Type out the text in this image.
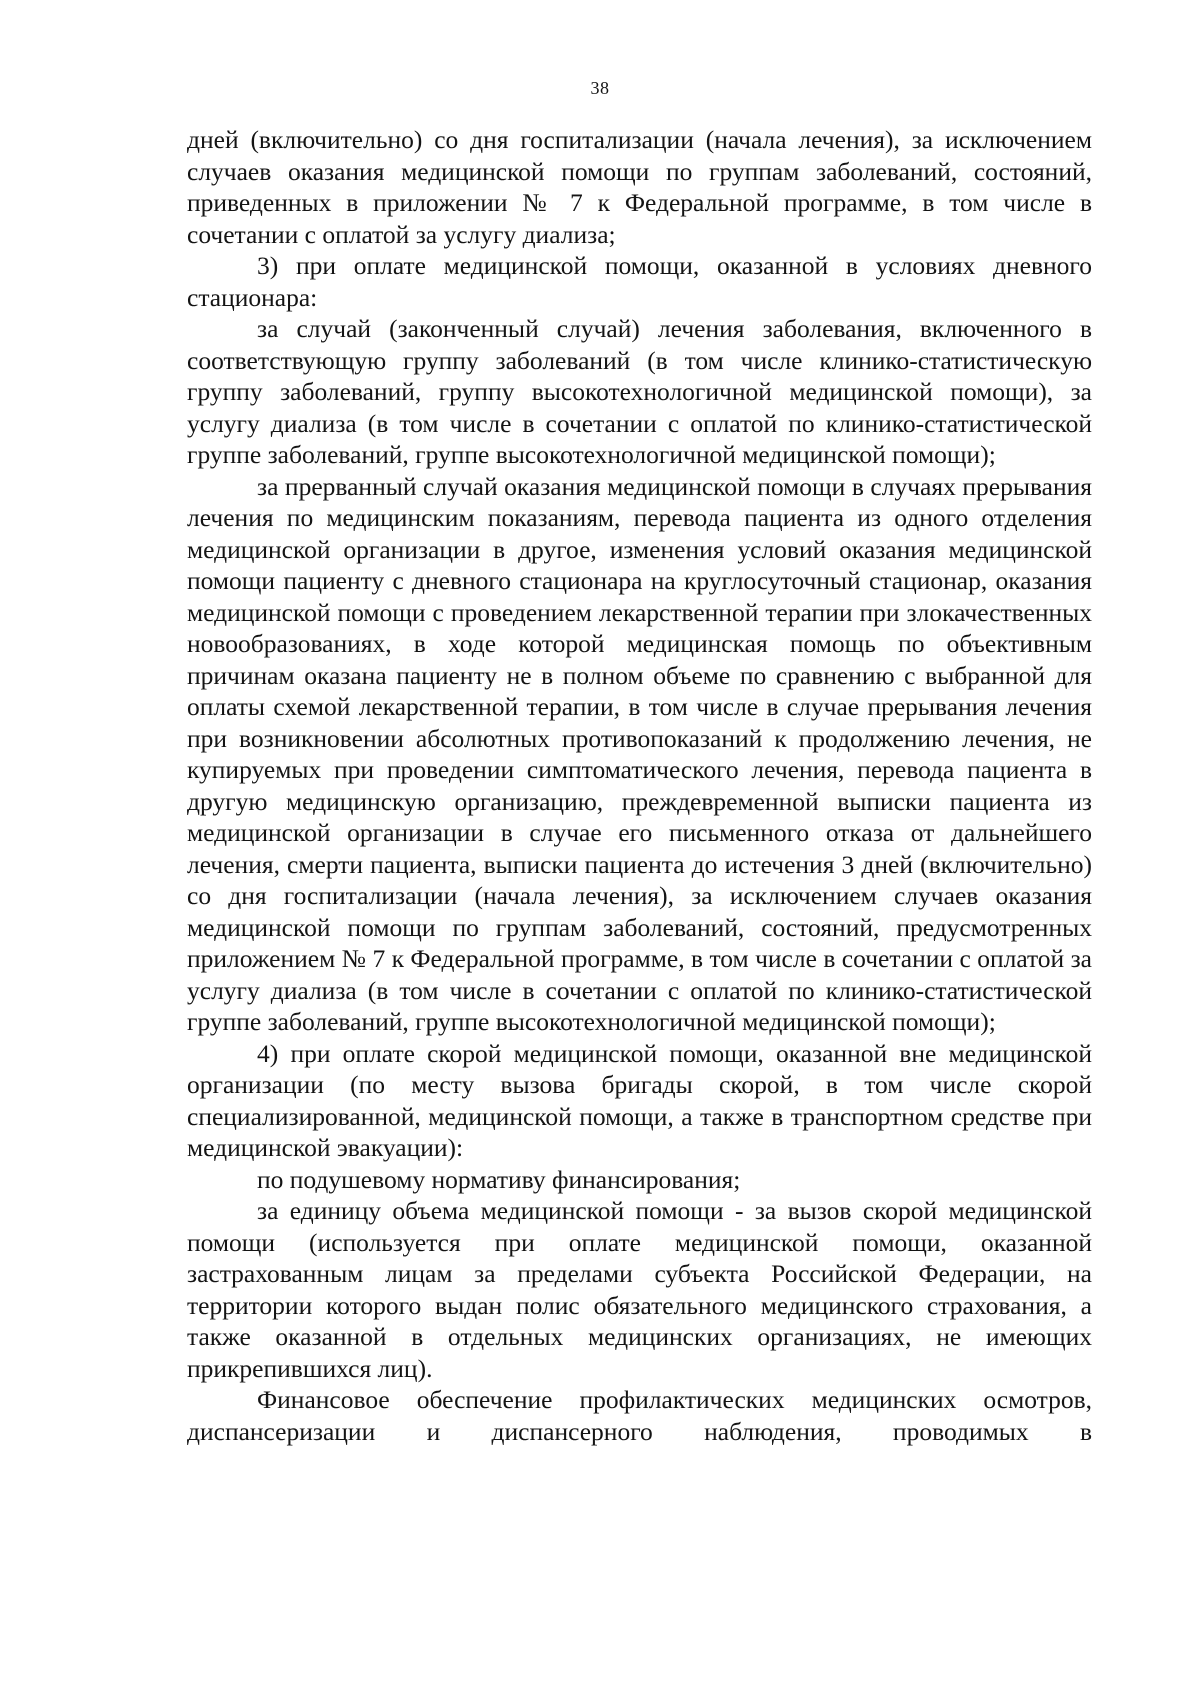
38

дней (включительно) со дня госпитализации (начала лечения), за исключением случаев оказания медицинской помощи по группам заболеваний, состояний, приведенных в приложении № 7 к Федеральной программе, в том числе в сочетании с оплатой за услугу диализа;

3) при оплате медицинской помощи, оказанной в условиях дневного стационара:

за случай (законченный случай) лечения заболевания, включенного в соответствующую группу заболеваний (в том числе клинико-статистическую группу заболеваний, группу высокотехнологичной медицинской помощи), за услугу диализа (в том числе в сочетании с оплатой по клинико-статистической группе заболеваний, группе высокотехнологичной медицинской помощи);

за прерванный случай оказания медицинской помощи в случаях прерывания лечения по медицинским показаниям, перевода пациента из одного отделения медицинской организации в другое, изменения условий оказания медицинской помощи пациенту с дневного стационара на круглосуточный стационар, оказания медицинской помощи с проведением лекарственной терапии при злокачественных новообразованиях, в ходе которой медицинская помощь по объективным причинам оказана пациенту не в полном объеме по сравнению с выбранной для оплаты схемой лекарственной терапии, в том числе в случае прерывания лечения при возникновении абсолютных противопоказаний к продолжению лечения, не купируемых при проведении симптоматического лечения, перевода пациента в другую медицинскую организацию, преждевременной выписки пациента из медицинской организации в случае его письменного отказа от дальнейшего лечения, смерти пациента, выписки пациента до истечения 3 дней (включительно) со дня госпитализации (начала лечения), за исключением случаев оказания медицинской помощи по группам заболеваний, состояний, предусмотренных приложением № 7 к Федеральной программе, в том числе в сочетании с оплатой за услугу диализа (в том числе в сочетании с оплатой по клинико-статистической группе заболеваний, группе высокотехнологичной медицинской помощи);

4) при оплате скорой медицинской помощи, оказанной вне медицинской организации (по месту вызова бригады скорой, в том числе скорой специализированной, медицинской помощи, а также в транспортном средстве при медицинской эвакуации):

по подушевому нормативу финансирования;

за единицу объема медицинской помощи - за вызов скорой медицинской помощи (используется при оплате медицинской помощи, оказанной застрахованным лицам за пределами субъекта Российской Федерации, на территории которого выдан полис обязательного медицинского страхования, а также оказанной в отдельных медицинских организациях, не имеющих прикрепившихся лиц).

Финансовое обеспечение профилактических медицинских осмотров, диспансеризации и диспансерного наблюдения, проводимых в
